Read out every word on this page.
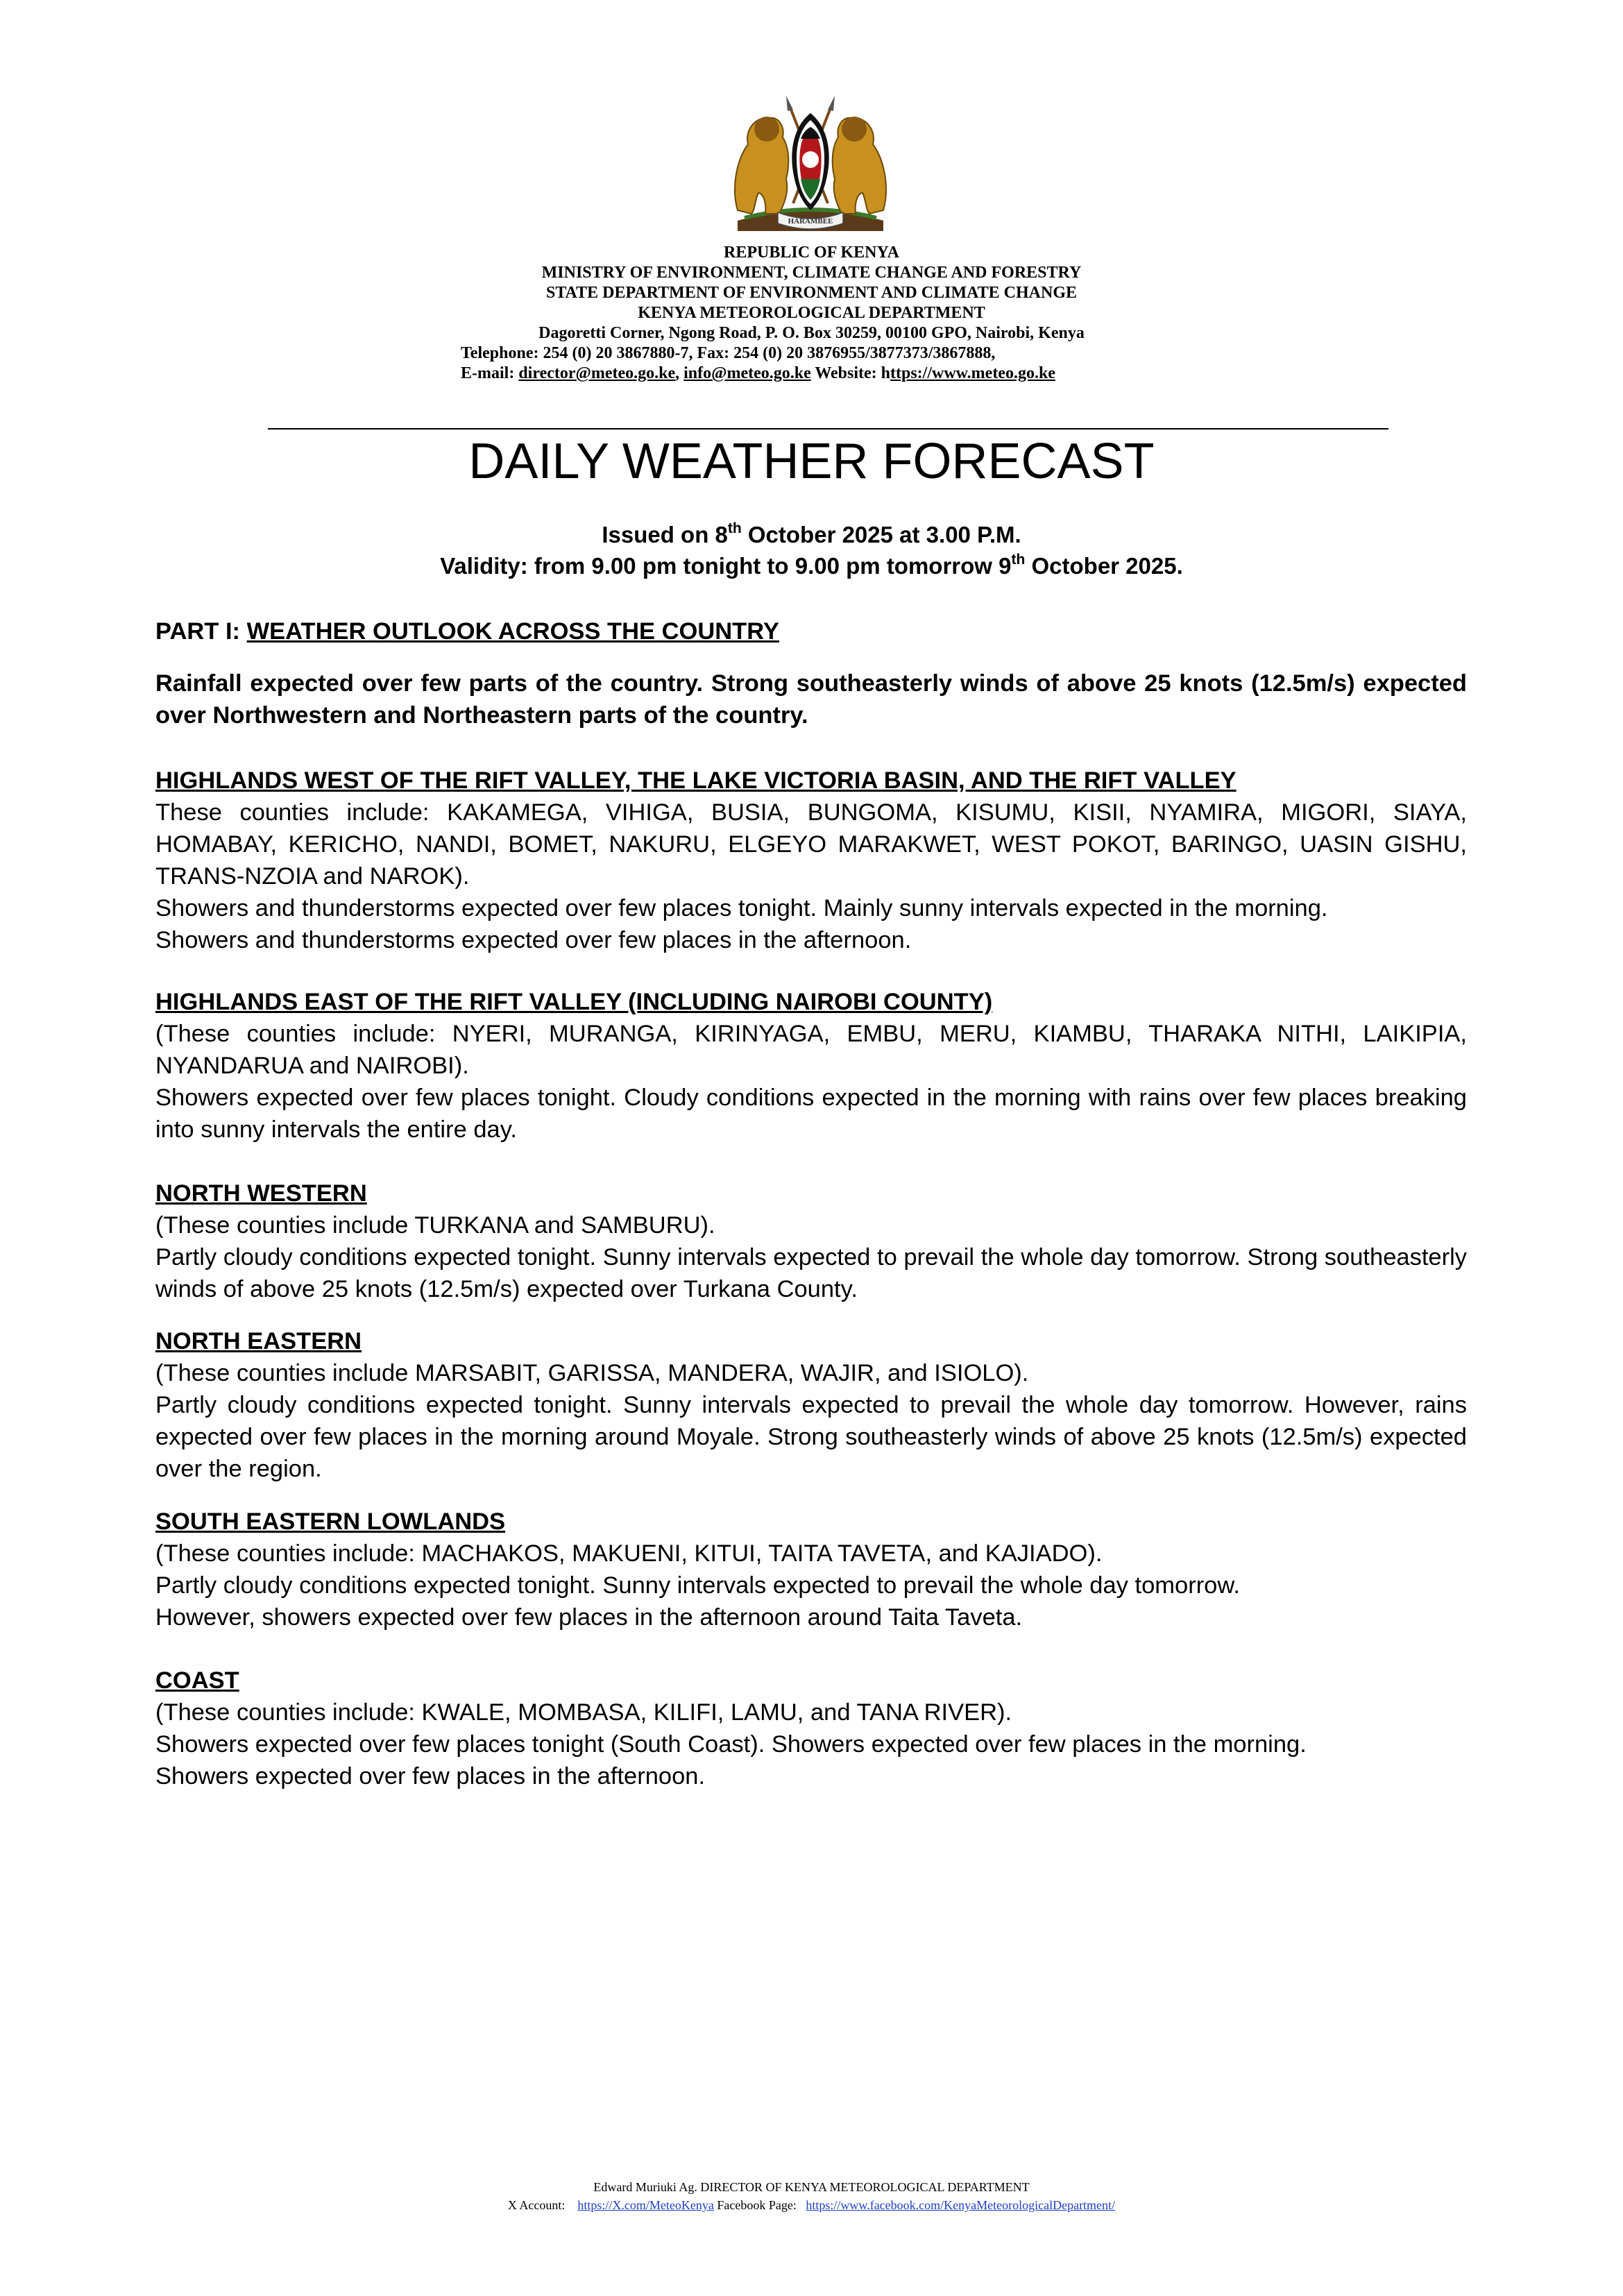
HARAMBEE
REPUBLIC OF KENYA
MINISTRY OF ENVIRONMENT, CLIMATE CHANGE AND FORESTRY
STATE DEPARTMENT OF ENVIRONMENT AND CLIMATE CHANGE
KENYA METEOROLOGICAL DEPARTMENT
Dagoretti Corner, Ngong Road, P. O. Box 30259, 00100 GPO, Nairobi, Kenya
Telephone: 254 (0) 20 3867880-7, Fax: 254 (0) 20 3876955/3877373/3867888,
E-mail: director@meteo.go.ke, info@meteo.go.ke Website: https://www.meteo.go.ke
DAILY WEATHER FORECAST
Issued on 8th October 2025 at 3.00 P.M.
Validity: from 9.00 pm tonight to 9.00 pm tomorrow 9th October 2025.
PART I: WEATHER OUTLOOK ACROSS THE COUNTRY
Rainfall expected over few parts of the country. Strong southeasterly winds of above 25 knots (12.5m/s) expected over Northwestern and Northeastern parts of the country.
HIGHLANDS WEST OF THE RIFT VALLEY, THE LAKE VICTORIA BASIN, AND THE RIFT VALLEY
These counties include: KAKAMEGA, VIHIGA, BUSIA, BUNGOMA, KISUMU, KISII, NYAMIRA, MIGORI, SIAYA, HOMABAY, KERICHO, NANDI, BOMET, NAKURU, ELGEYO MARAKWET, WEST POKOT, BARINGO, UASIN GISHU, TRANS-NZOIA and NAROK).
Showers and thunderstorms expected over few places tonight. Mainly sunny intervals expected in the morning.
Showers and thunderstorms expected over few places in the afternoon.
HIGHLANDS EAST OF THE RIFT VALLEY (INCLUDING NAIROBI COUNTY)
(These counties include: NYERI, MURANGA, KIRINYAGA, EMBU, MERU, KIAMBU, THARAKA NITHI, LAIKIPIA, NYANDARUA and NAIROBI).
Showers expected over few places tonight. Cloudy conditions expected in the morning with rains over few places breaking into sunny intervals the entire day.
NORTH WESTERN
(These counties include TURKANA and SAMBURU).
Partly cloudy conditions expected tonight. Sunny intervals expected to prevail the whole day tomorrow. Strong southeasterly winds of above 25 knots (12.5m/s) expected over Turkana County.
NORTH EASTERN
(These counties include MARSABIT, GARISSA, MANDERA, WAJIR, and ISIOLO).
Partly cloudy conditions expected tonight. Sunny intervals expected to prevail the whole day tomorrow. However, rains expected over few places in the morning around Moyale. Strong southeasterly winds of above 25 knots (12.5m/s) expected over the region.
SOUTH EASTERN LOWLANDS
(These counties include: MACHAKOS, MAKUENI, KITUI, TAITA TAVETA, and KAJIADO).
Partly cloudy conditions expected tonight. Sunny intervals expected to prevail the whole day tomorrow.
However, showers expected over few places in the afternoon around Taita Taveta.
COAST
(These counties include: KWALE, MOMBASA, KILIFI, LAMU, and TANA RIVER).
Showers expected over few places tonight (South Coast). Showers expected over few places in the morning.
Showers expected over few places in the afternoon.
Edward Muriuki Ag. DIRECTOR OF KENYA METEOROLOGICAL DEPARTMENT
X Account: https://X.com/MeteoKenya Facebook Page: https://www.facebook.com/KenyaMeteorologicalDepartment/
